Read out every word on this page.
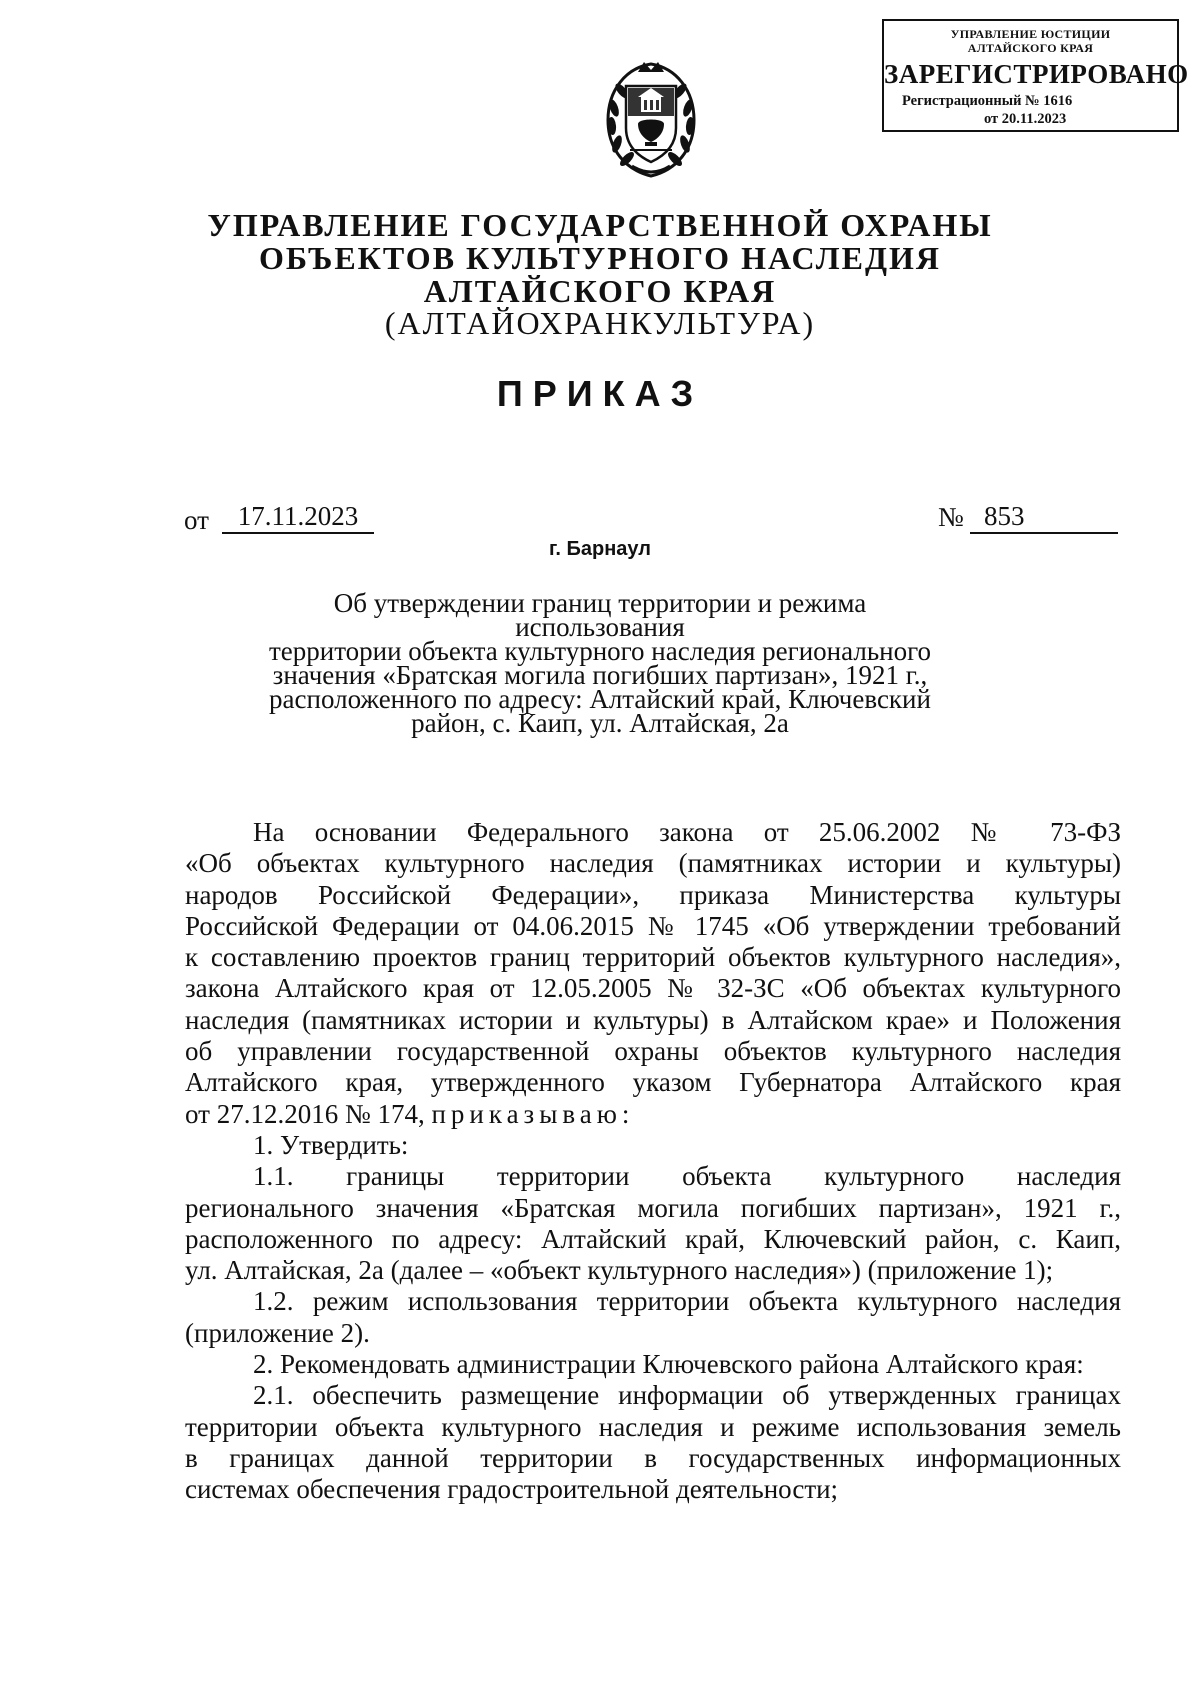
УПРАВЛЕНИЕ ЮСТИЦИИ
АЛТАЙСКОГО КРАЯ
ЗАРЕГИСТРИРОВАНО
Регистрационный № 1616
от 20.11.2023
УПРАВЛЕНИЕ ГОСУДАРСТВЕННОЙ ОХРАНЫ
ОБЪЕКТОВ КУЛЬТУРНОГО НАСЛЕДИЯ
АЛТАЙСКОГО КРАЯ
(АЛТАЙОХРАНКУЛЬТУРА)
ПРИКАЗ
от	17.11.2023	№ 853
г. Барнаул
Об утверждении границ территории и режима использования
территории объекта культурного наследия регионального
значения «Братская могила погибших партизан», 1921 г.,
расположенного по адресу: Алтайский край, Ключевский
район, с. Каип, ул. Алтайская, 2а

На основании Федерального закона от 25.06.2002 № 73-ФЗ

«Об объектах культурного наследия (памятниках истории и культуры)

народов Российской Федерации», приказа Министерства культуры

Российской Федерации от 04.06.2015 № 1745 «Об утверждении требований

к составлению проектов границ территорий объектов культурного наследия»,

закона Алтайского края от 12.05.2005 № 32-ЗС «Об объектах культурного

наследия (памятниках истории и культуры) в Алтайском крае» и Положения

об управлении государственной охраны объектов культурного наследия

Алтайского края, утвержденного указом Губернатора Алтайского края

от 27.12.2016 № 174, приказываю:

1. Утвердить:

1.1. границы территории объекта культурного наследия

регионального значения «Братская могила погибших партизан», 1921 г.,

расположенного по адресу: Алтайский край, Ключевский район, с. Каип,

ул. Алтайская, 2а (далее – «объект культурного наследия») (приложение 1);

1.2. режим использования территории объекта культурного наследия

(приложение 2).

2. Рекомендовать администрации Ключевского района Алтайского края:

2.1. обеспечить размещение информации об утвержденных границах

территории объекта культурного наследия и режиме использования земель

в границах данной территории в государственных информационных

системах обеспечения градостроительной деятельности;
